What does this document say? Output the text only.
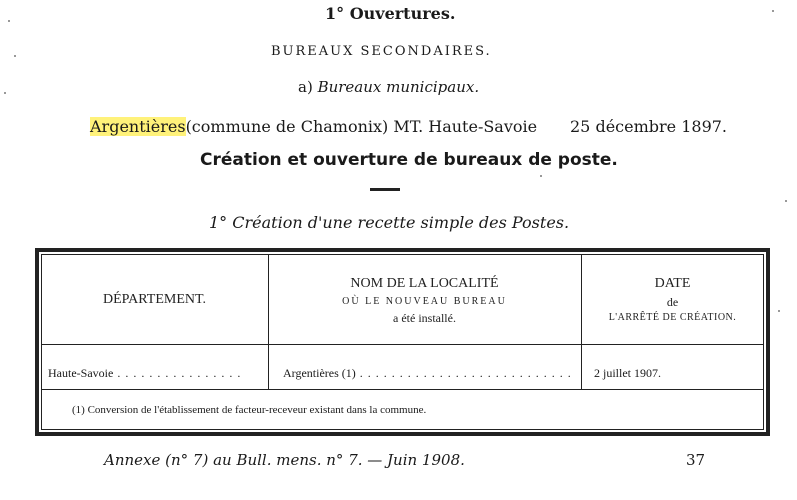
1° Ouvertures.
BUREAUX SECONDAIRES.
a) Bureaux municipaux.
Argentières(commune de Chamonix) MT. Haute-Savoie 25 décembre 1897.
Création et ouverture de bureaux de poste.
1° Création d'une recette simple des Postes.
DÉPARTEMENT.
NOM DE LA LOCALITÉ
OÙ LE NOUVEAU BUREAU
a été installé.
DATE
de
L'ARRÊTÉ DE CRÉATION.
Haute-Savoie . . . . . . . . . . . . . . . .	Argentières (1) . . . . . . . . . . . . . . . . . . . . . . . . . . . 2 juillet 1907.
(1) Conversion de l'établissement de facteur-receveur existant dans la commune.
Annexe (n° 7) au Bull. mens. n° 7. — Juin 1908.	37
